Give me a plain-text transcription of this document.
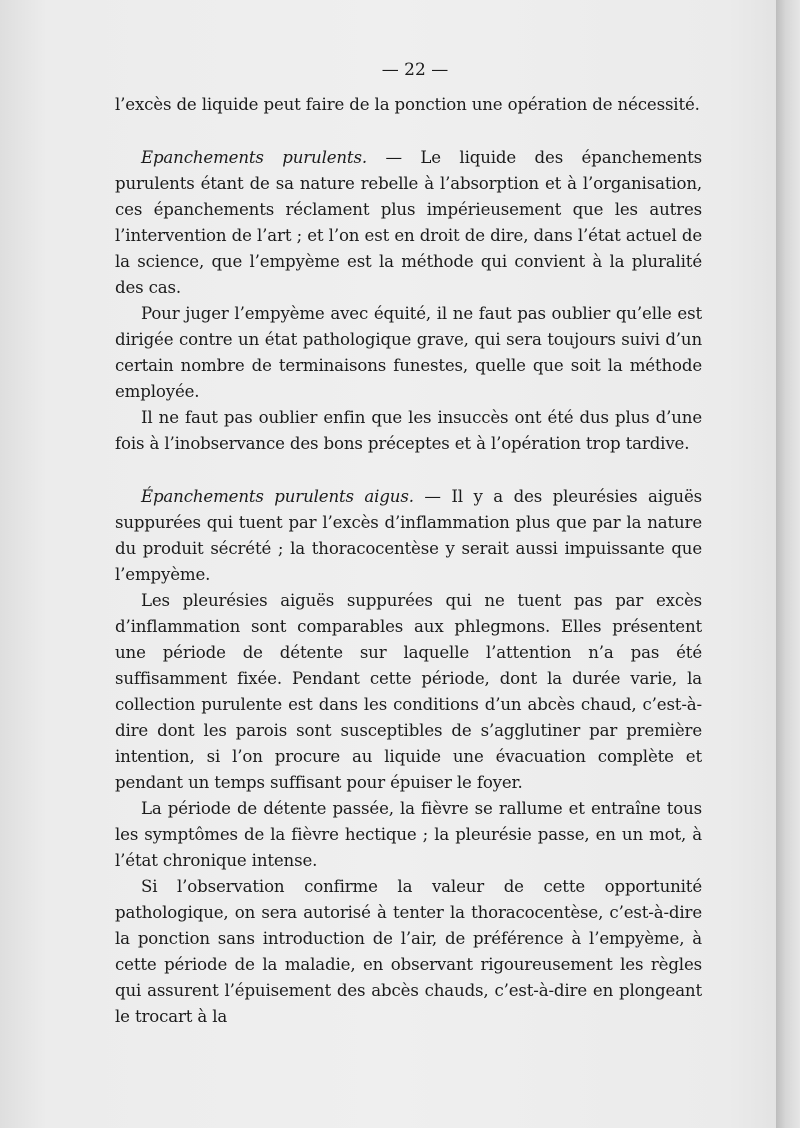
— 22 —

l’excès de liquide peut faire de la ponction une opération de nécessité.

Epanchements purulents. — Le liquide des épanchements purulents étant de sa nature rebelle à l’absorption et à l’organisation, ces épanchements réclament plus impérieusement que les autres l’intervention de l’art ; et l’on est en droit de dire, dans l’état actuel de la science, que l’empyème est la méthode qui convient à la pluralité des cas.

Pour juger l’empyème avec équité, il ne faut pas oublier qu’elle est dirigée contre un état pathologique grave, qui sera toujours suivi d’un certain nombre de terminaisons funestes, quelle que soit la méthode employée.

Il ne faut pas oublier enfin que les insuccès ont été dus plus d’une fois à l’inobservance des bons préceptes et à l’opération trop tardive.

Épanchements purulents aigus. — Il y a des pleurésies aiguës suppurées qui tuent par l’excès d’inflammation plus que par la nature du produit sécrété ; la thoracocentèse y serait aussi impuissante que l’empyème.

Les pleurésies aiguës suppurées qui ne tuent pas par excès d’inflammation sont comparables aux phlegmons. Elles présentent une période de détente sur laquelle l’attention n’a pas été suffisamment fixée. Pendant cette période, dont la durée varie, la collection purulente est dans les conditions d’un abcès chaud, c’est-à-dire dont les parois sont susceptibles de s’agglutiner par première intention, si l’on procure au liquide une évacuation complète et pendant un temps suffisant pour épuiser le foyer.

La période de détente passée, la fièvre se rallume et entraîne tous les symptômes de la fièvre hectique ; la pleurésie passe, en un mot, à l’état chronique intense.

Si l’observation confirme la valeur de cette opportunité pathologique, on sera autorisé à tenter la thoracocentèse, c’est-à-dire la ponction sans introduction de l’air, de préférence à l’empyème, à cette période de la maladie, en observant rigoureusement les règles qui assurent l’épuisement des abcès chauds, c’est-à-dire en plongeant le trocart à la
